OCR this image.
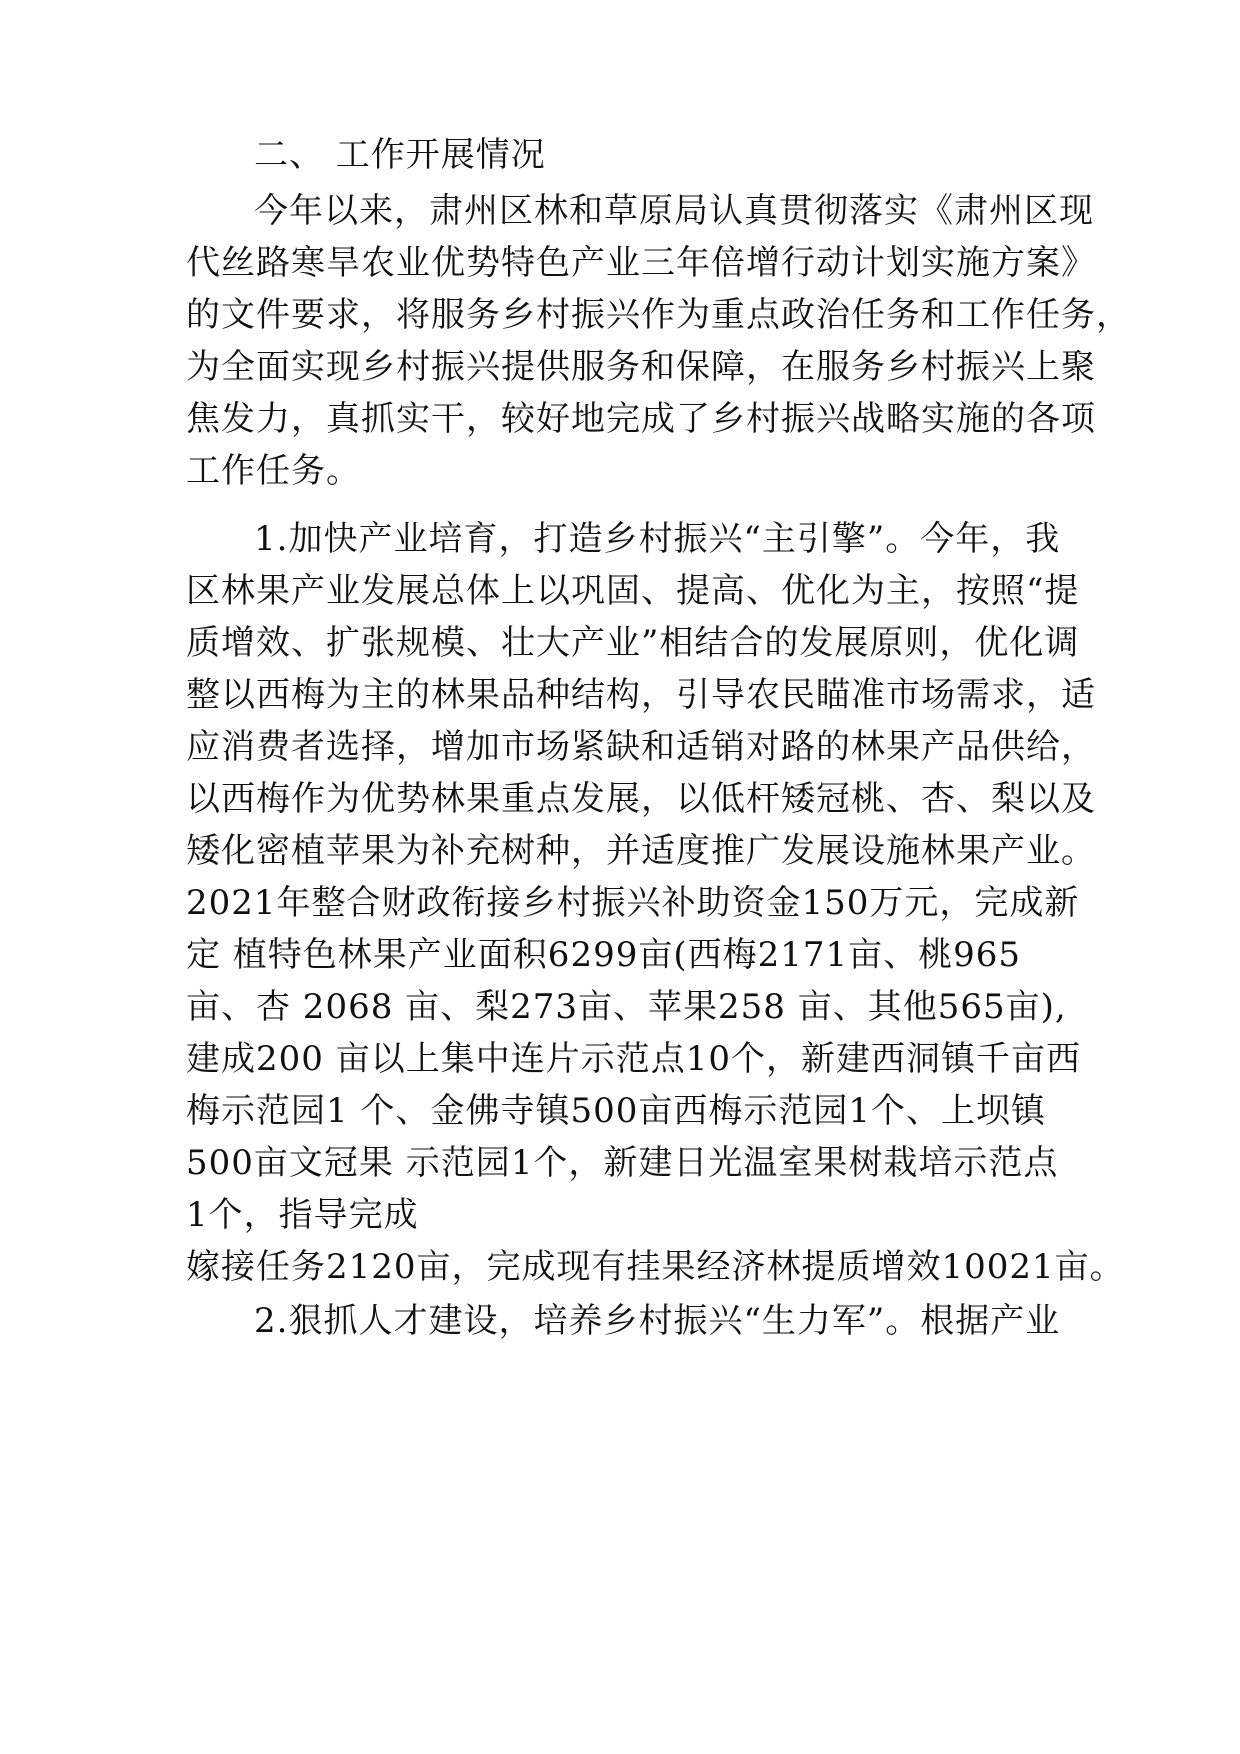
二、 工作开展情况

今年以来，肃州区林和草原局认真贯彻落实《肃州区现

代丝路寒旱农业优势特色产业三年倍增行动计划实施方案》

的文件要求，将服务乡村振兴作为重点政治任务和工作任务，

为全面实现乡村振兴提供服务和保障，在服务乡村振兴上聚

焦发力，真抓实干，较好地完成了乡村振兴战略实施的各项

工作任务。

1.加快产业培育，打造乡村振兴“主引擎”。今年，我

区林果产业发展总体上以巩固、提高、优化为主，按照“提

质增效、扩张规模、壮大产业”相结合的发展原则，优化调

整以西梅为主的林果品种结构，引导农民瞄准市场需求，适

应消费者选择，增加市场紧缺和适销对路的林果产品供给，

以西梅作为优势林果重点发展，以低杆矮冠桃、杏、梨以及

矮化密植苹果为补充树种，并适度推广发展设施林果产业。

2021年整合财政衔接乡村振兴补助资金150万元，完成新

定 植特色林果产业面积6299亩(西梅2171亩、桃965

亩、杏 2068 亩、梨273亩、苹果258 亩、其他565亩),

建成200 亩以上集中连片示范点10个，新建西洞镇千亩西

梅示范园1 个、金佛寺镇500亩西梅示范园1个、上坝镇

500亩文冠果 示范园1个，新建日光温室果树栽培示范点

1个，指导完成

嫁接任务2120亩，完成现有挂果经济林提质增效10021亩。

2.狠抓人才建设，培养乡村振兴“生力军”。根据产业
